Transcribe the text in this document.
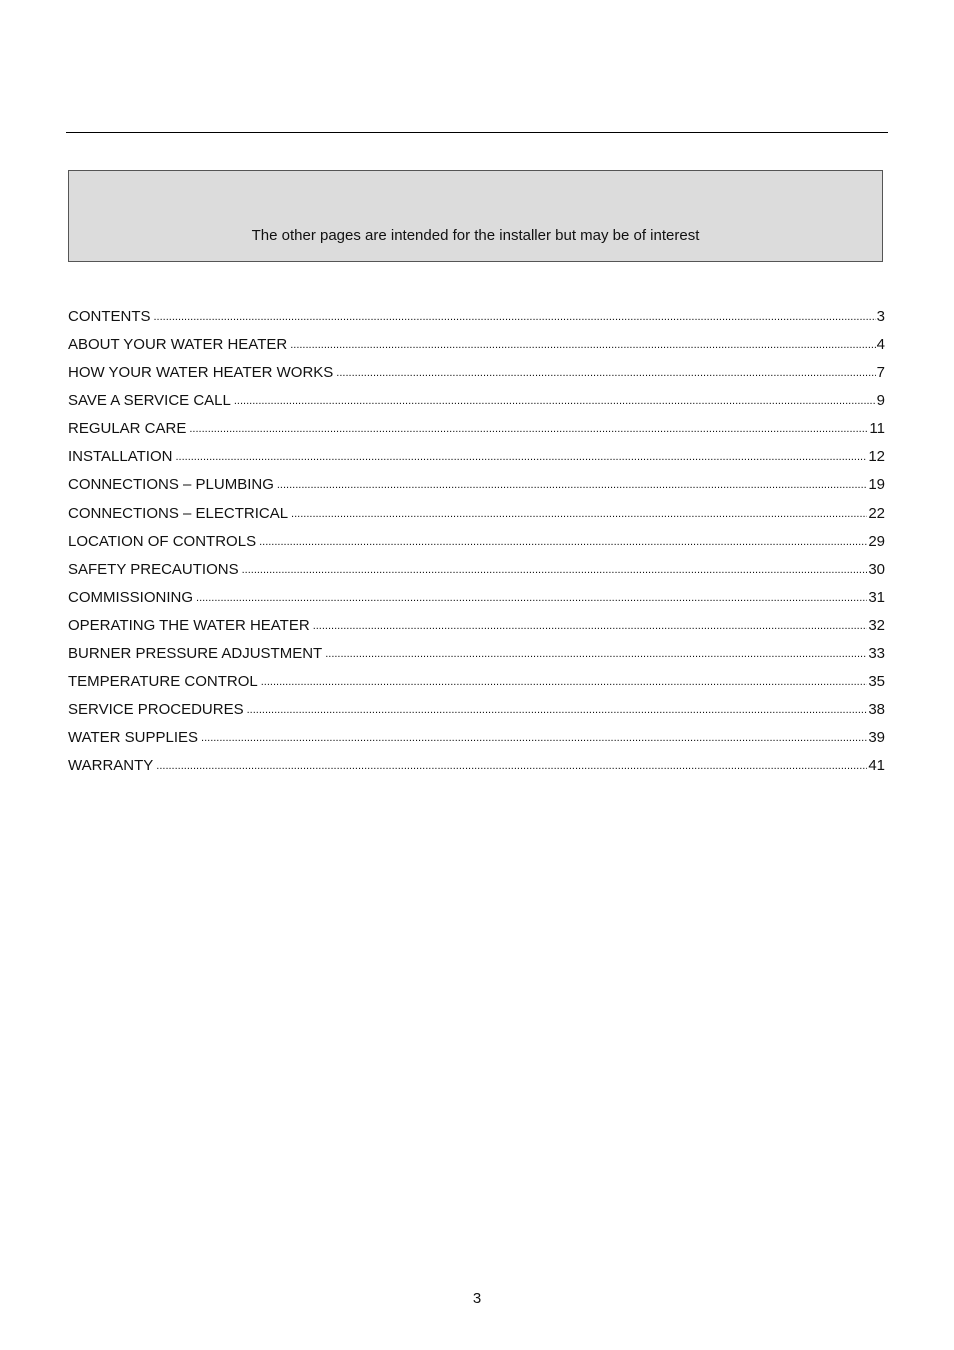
The other pages are intended for the installer but may be of interest
CONTENTS .....	3
ABOUT YOUR WATER HEATER .....	4
HOW YOUR WATER HEATER WORKS .....	7
SAVE A SERVICE CALL .....	9
REGULAR CARE .....	11
INSTALLATION .....	12
CONNECTIONS – PLUMBING .....	19
CONNECTIONS – ELECTRICAL .....	22
LOCATION OF CONTROLS .....	29
SAFETY PRECAUTIONS .....	30
COMMISSIONING .....	31
OPERATING THE WATER HEATER .....	32
BURNER PRESSURE ADJUSTMENT .....	33
TEMPERATURE CONTROL .....	35
SERVICE PROCEDURES .....	38
WATER SUPPLIES .....	39
WARRANTY .....	41
3
